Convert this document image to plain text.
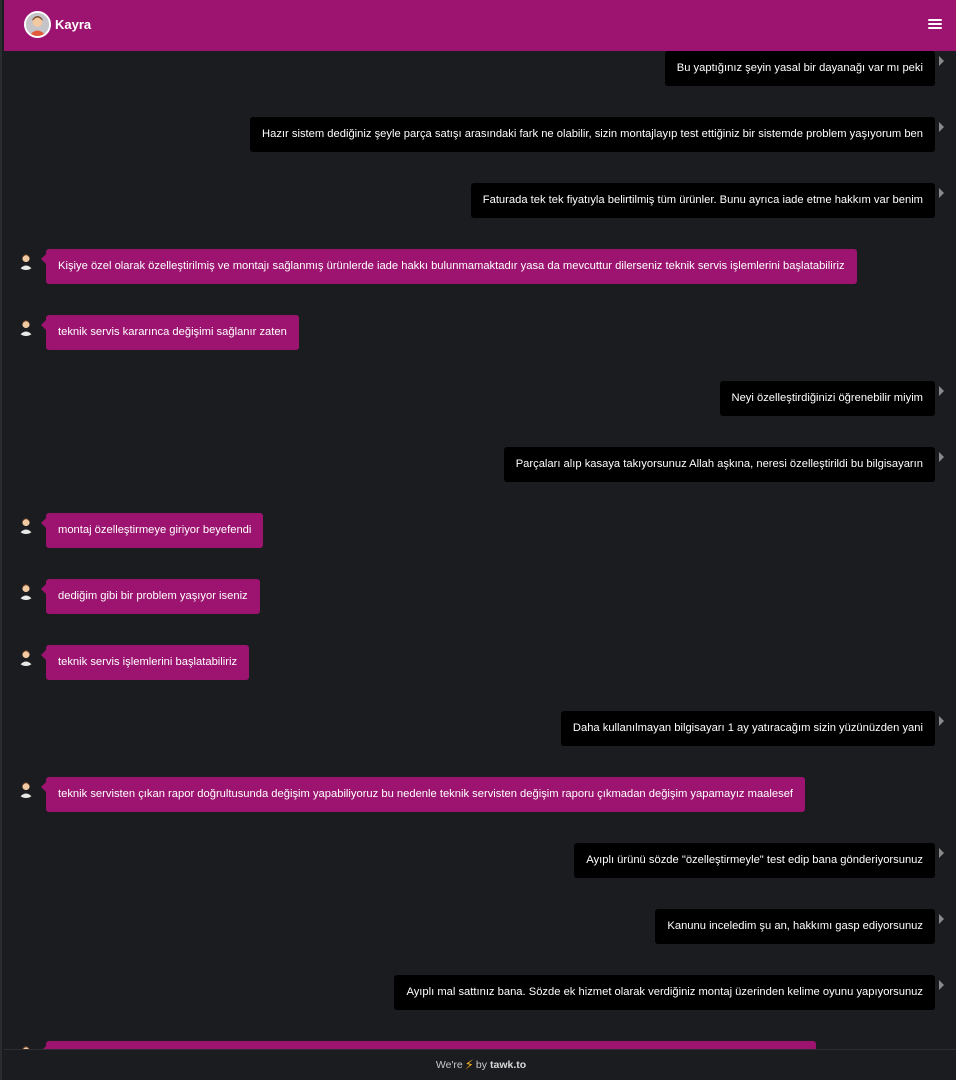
Kayra
Bu yaptığınız şeyin yasal bir dayanağı var mı peki
Hazır sistem dediğiniz şeyle parça satışı arasındaki fark ne olabilir, sizin montajlayıp test ettiğiniz bir sistemde problem yaşıyorum ben
Faturada tek tek fiyatıyla belirtilmiş tüm ürünler. Bunu ayrıca iade etme hakkım var benim
Kişiye özel olarak özelleştirilmiş ve montajı sağlanmış ürünlerde iade hakkı bulunmamaktadır yasa da mevcuttur dilerseniz teknik servis işlemlerini başlatabiliriz
teknik servis kararınca değişimi sağlanır zaten
Neyi özelleştirdiğinizi öğrenebilir miyim
Parçaları alıp kasaya takıyorsunuz Allah aşkına, neresi özelleştirildi bu bilgisayarın
montaj özelleştirmeye giriyor beyefendi
dediğim gibi bir problem yaşıyor iseniz
teknik servis işlemlerini başlatabiliriz
Daha kullanılmayan bilgisayarı 1 ay yatıracağım sizin yüzünüzden yani
teknik servisten çıkan rapor doğrultusunda değişim yapabiliyoruz bu nedenle teknik servisten değişim raporu çıkmadan değişim yapamayız maalesef
Ayıplı ürünü sözde "özelleştirmeyle" test edip bana gönderiyorsunuz
Kanunu inceledim şu an, hakkımı gasp ediyorsunuz
Ayıplı mal sattınız bana. Sözde ek hizmet olarak verdiğiniz montaj üzerinden kelime oyunu yapıyorsunuz
We're ⚡ by tawk.to
